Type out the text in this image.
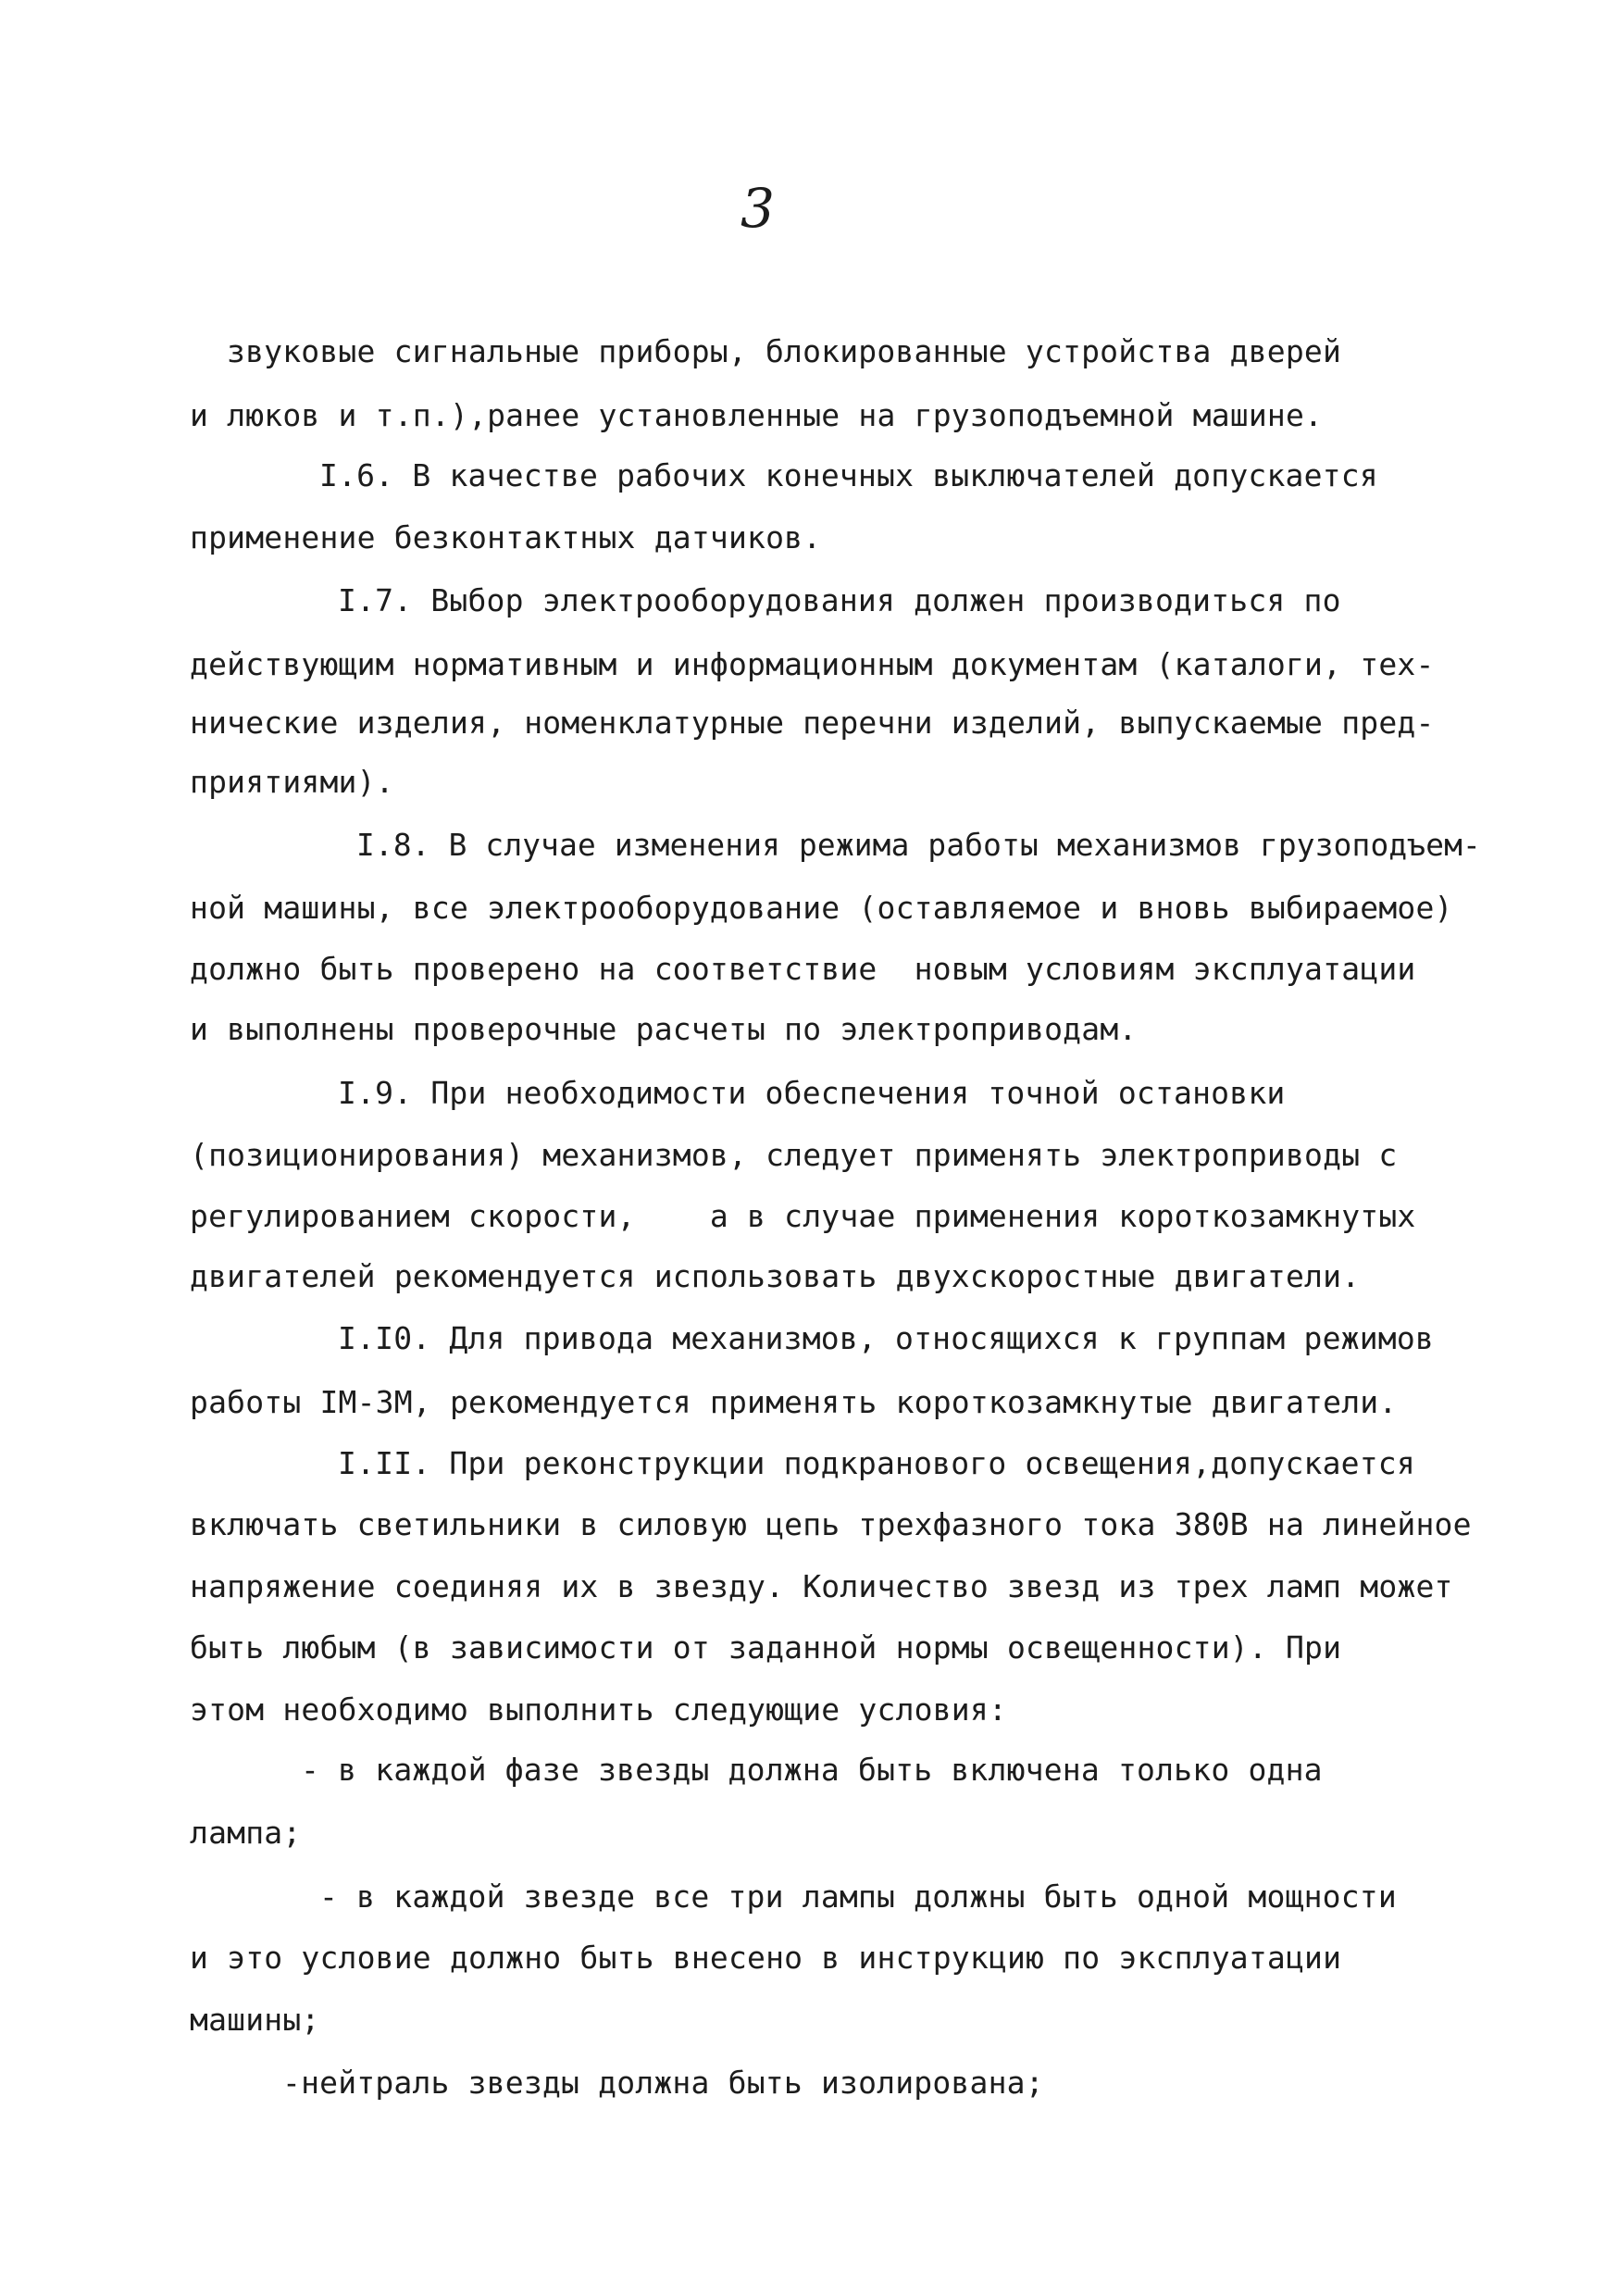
3
звуковые сигнальные приборы, блокированные устройства дверей
и люков и т.п.),ранее установленные на грузоподъемной машине.
I.6. В качестве рабочих конечных выключателей допускается
применение безконтактных датчиков.
I.7. Выбор электрооборудования должен производиться по
действующим нормативным и информационным документам (каталоги, тех-
нические изделия, номенклатурные перечни изделий, выпускаемые пред-
приятиями).
I.8. В случае изменения режима работы механизмов грузоподъем-
ной машины, все электрооборудование (оставляемое и вновь выбираемое)
должно быть проверено на соответствие  новым условиям эксплуатации
и выполнены проверочные расчеты по электроприводам.
I.9. При необходимости обеспечения точной остановки
(позиционирования) механизмов, следует применять электроприводы с
регулированием скорости,    а в случае применения короткозамкнутых
двигателей рекомендуется использовать двухскоростные двигатели.
I.I0. Для привода механизмов, относящихся к группам режимов
работы IМ-3М, рекомендуется применять короткозамкнутые двигатели.
I.II. При реконструкции подкранового освещения,допускается
включать светильники в силовую цепь трехфазного тока 380В на линейное
напряжение соединяя их в звезду. Количество звезд из трех ламп может
быть любым (в зависимости от заданной нормы освещенности). При
этом необходимо выполнить следующие условия:
- в каждой фазе звезды должна быть включена только одна
лампа;
- в каждой звезде все три лампы должны быть одной мощности
и это условие должно быть внесено в инструкцию по эксплуатации
машины;
-нейтраль звезды должна быть изолирована;
